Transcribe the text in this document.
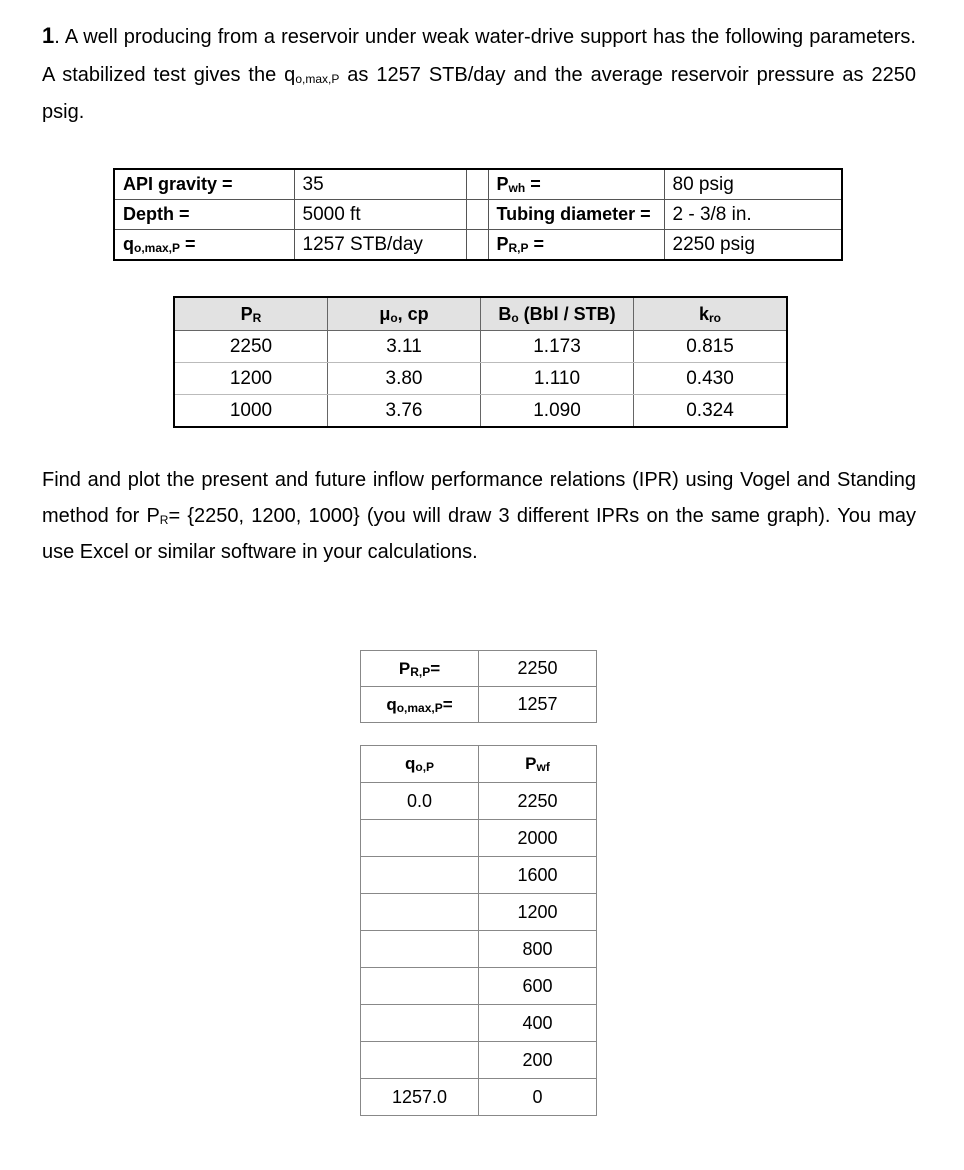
1. A well producing from a reservoir under weak water-drive support has the following parameters. A stabilized test gives the $q_{o,max,P}$ as 1257 STB/day and the average reservoir pressure as 2250 psig.
API gravity =	35		$P_{wh}$ =	80 psig
Depth =	5000 ft		Tubing diameter =	2 - 3/8 in.
$q_{o,max,P}$ =	1257 STB/day		$P_{R,P}$ =	2250 psig
$P_R$	$\mu_o$, cp	$B_o$ (Bbl / STB)	$k_{ro}$
2250	3.11	1.173	0.815
1200	3.80	1.110	0.430
1000	3.76	1.090	0.324
Find and plot the present and future inflow performance relations (IPR) using Vogel and Standing method for $P_R= \{2250$, 1200, 1000} (you will draw 3 different IPRs on the same graph). You may use Excel or similar software in your calculations.
$P_{R,P}=$	2250
$q_{o,max,P}=$	1257
$q_{o,P}$	$P_{wf}$
0.0	2250
	2000
	1600
	1200
	800
	600
	400
	200
1257.0	0
